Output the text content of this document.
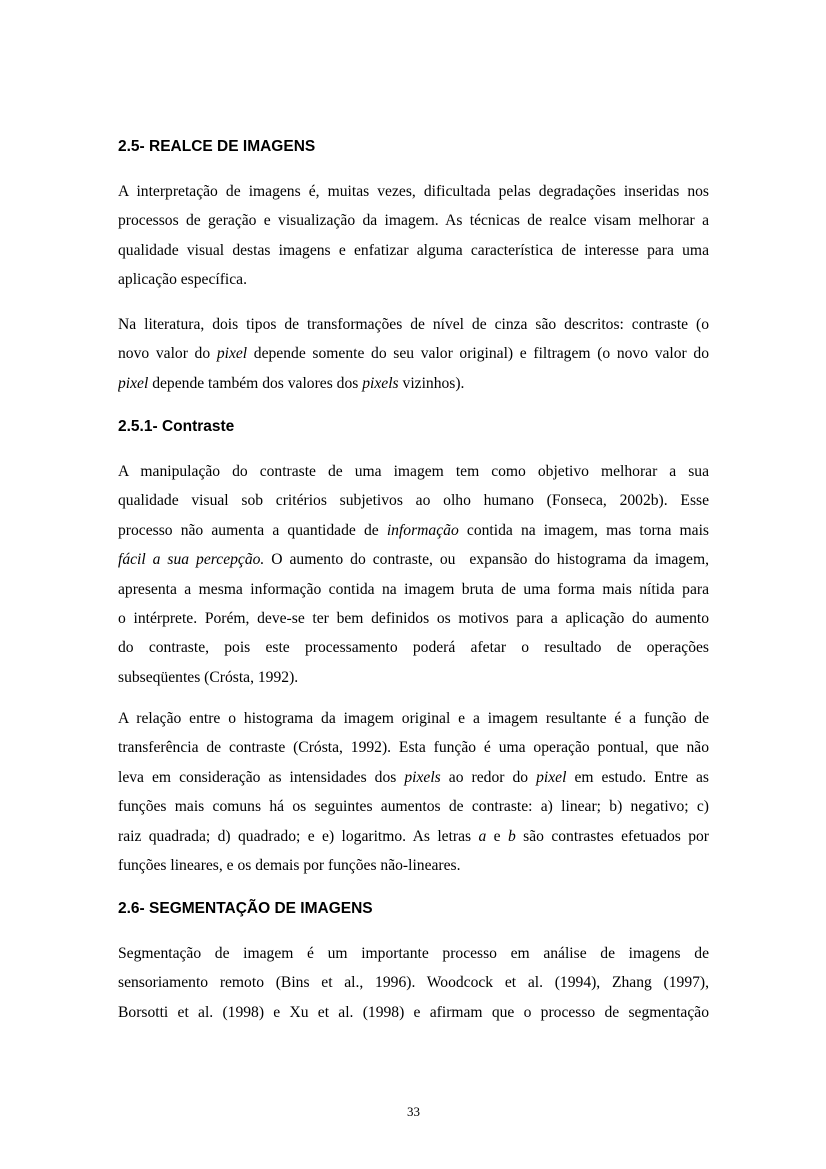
2.5- REALCE DE IMAGENS
A interpretação de imagens é, muitas vezes, dificultada pelas degradações inseridas nos
processos de geração e visualização da imagem. As técnicas de realce visam melhorar a
qualidade visual destas imagens e enfatizar alguma característica de interesse para uma
aplicação específica.
Na literatura, dois tipos de transformações de nível de cinza são descritos: contraste (o
novo valor do pixel depende somente do seu valor original) e filtragem (o novo valor do
pixel depende também dos valores dos pixels vizinhos).
2.5.1- Contraste
A manipulação do contraste de uma imagem tem como objetivo melhorar a sua
qualidade visual sob critérios subjetivos ao olho humano (Fonseca, 2002b). Esse
processo não aumenta a quantidade de informação contida na imagem, mas torna mais
fácil a sua percepção. O aumento do contraste, ou  expansão do histograma da imagem,
apresenta a mesma informação contida na imagem bruta de uma forma mais nítida para
o intérprete. Porém, deve-se ter bem definidos os motivos para a aplicação do aumento
do contraste, pois este processamento poderá afetar o resultado de operações
subseqüentes (Crósta, 1992).
A relação entre o histograma da imagem original e a imagem resultante é a função de
transferência de contraste (Crósta, 1992). Esta função é uma operação pontual, que não
leva em consideração as intensidades dos pixels ao redor do pixel em estudo. Entre as
funções mais comuns há os seguintes aumentos de contraste: a) linear; b) negativo; c)
raiz quadrada; d) quadrado; e e) logaritmo. As letras a e b são contrastes efetuados por
funções lineares, e os demais por funções não-lineares.
2.6- SEGMENTAÇÃO DE IMAGENS
Segmentação de imagem é um importante processo em análise de imagens de
sensoriamento remoto (Bins et al., 1996). Woodcock et al. (1994), Zhang (1997),
Borsotti et al. (1998) e Xu et al. (1998) e afirmam que o processo de segmentação

33
